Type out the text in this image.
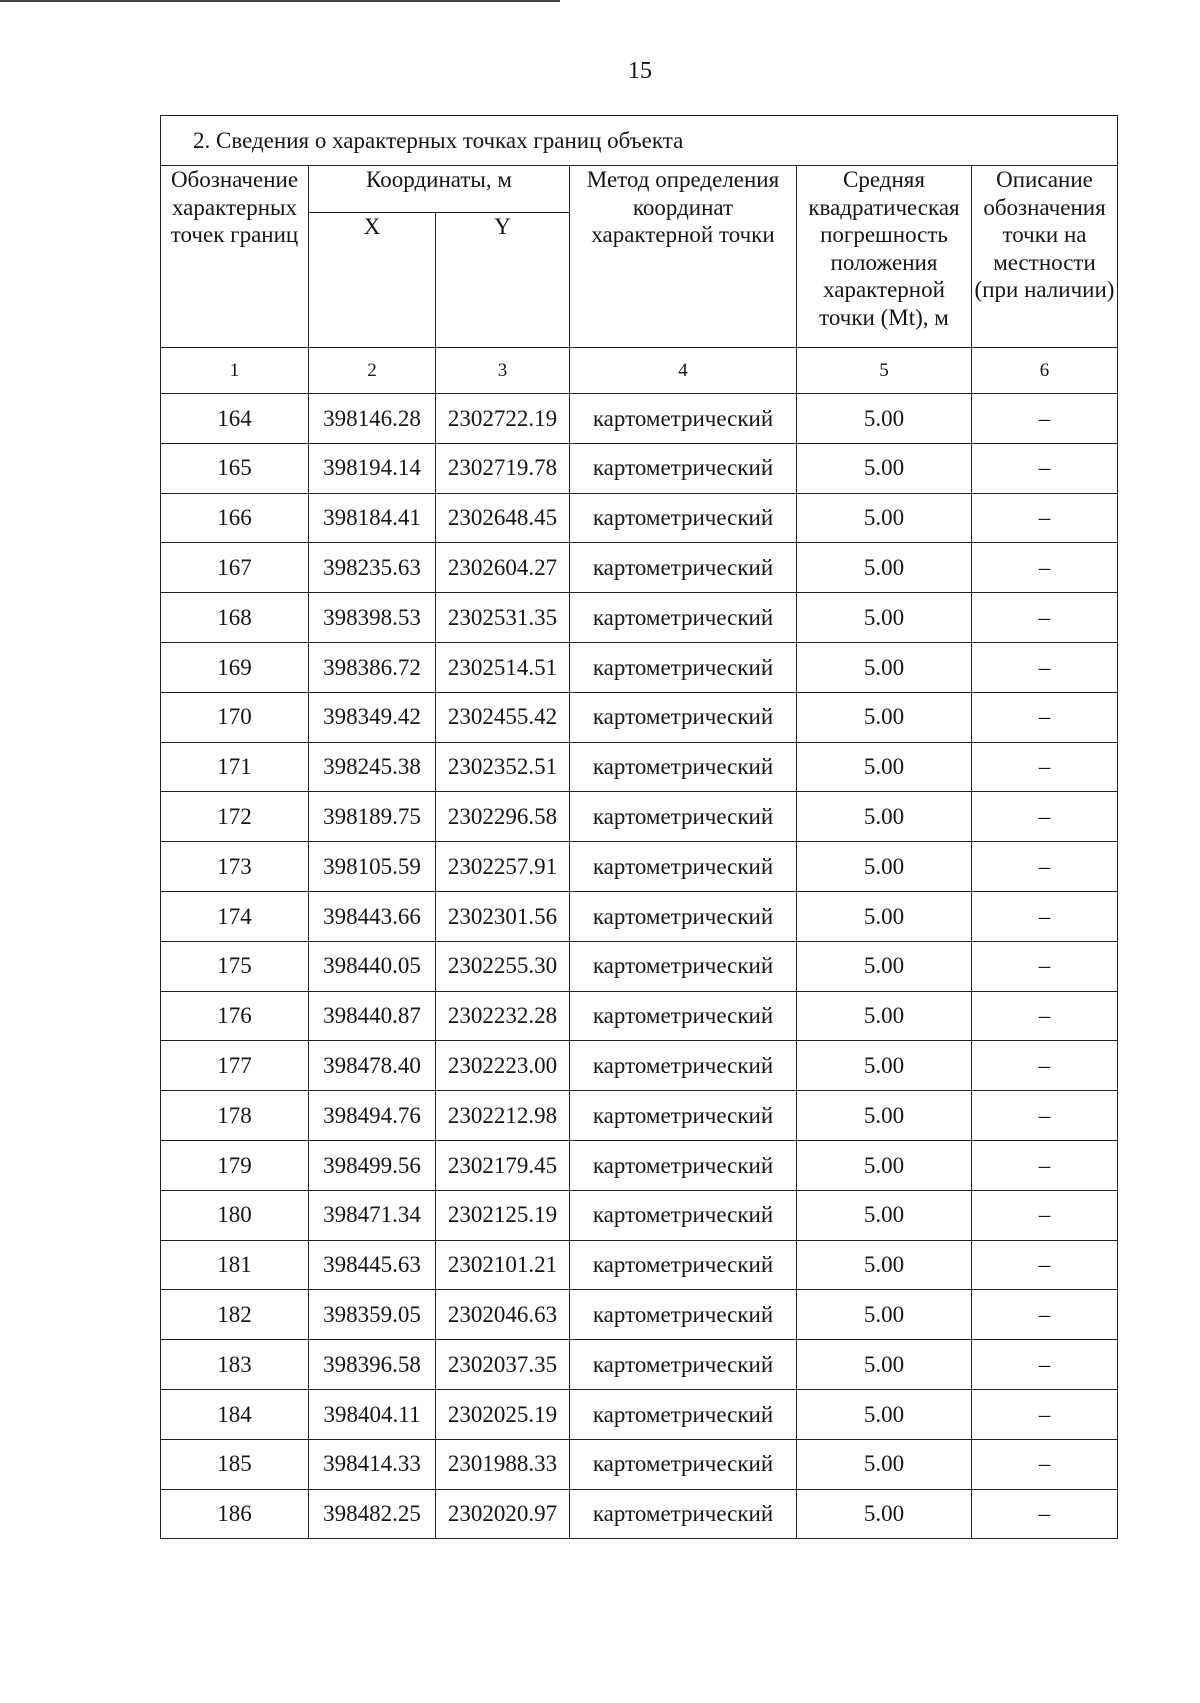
15
2. Сведения о характерных точках границ объекта					
Обозначение характерных точек границ	Координаты, м		Метод определения координат характерной точки	Средняя квадратическая погрешность положения характерной точки (Mt), м	Описание обозначения точки на местности (при наличии)
	X	Y			
1	2	3	4	5	6
164	398146.28	2302722.19	картометрический	5.00	–
165	398194.14	2302719.78	картометрический	5.00	–
166	398184.41	2302648.45	картометрический	5.00	–
167	398235.63	2302604.27	картометрический	5.00	–
168	398398.53	2302531.35	картометрический	5.00	–
169	398386.72	2302514.51	картометрический	5.00	–
170	398349.42	2302455.42	картометрический	5.00	–
171	398245.38	2302352.51	картометрический	5.00	–
172	398189.75	2302296.58	картометрический	5.00	–
173	398105.59	2302257.91	картометрический	5.00	–
174	398443.66	2302301.56	картометрический	5.00	–
175	398440.05	2302255.30	картометрический	5.00	–
176	398440.87	2302232.28	картометрический	5.00	–
177	398478.40	2302223.00	картометрический	5.00	–
178	398494.76	2302212.98	картометрический	5.00	–
179	398499.56	2302179.45	картометрический	5.00	–
180	398471.34	2302125.19	картометрический	5.00	–
181	398445.63	2302101.21	картометрический	5.00	–
182	398359.05	2302046.63	картометрический	5.00	–
183	398396.58	2302037.35	картометрический	5.00	–
184	398404.11	2302025.19	картометрический	5.00	–
185	398414.33	2301988.33	картометрический	5.00	–
186	398482.25	2302020.97	картометрический	5.00	–
